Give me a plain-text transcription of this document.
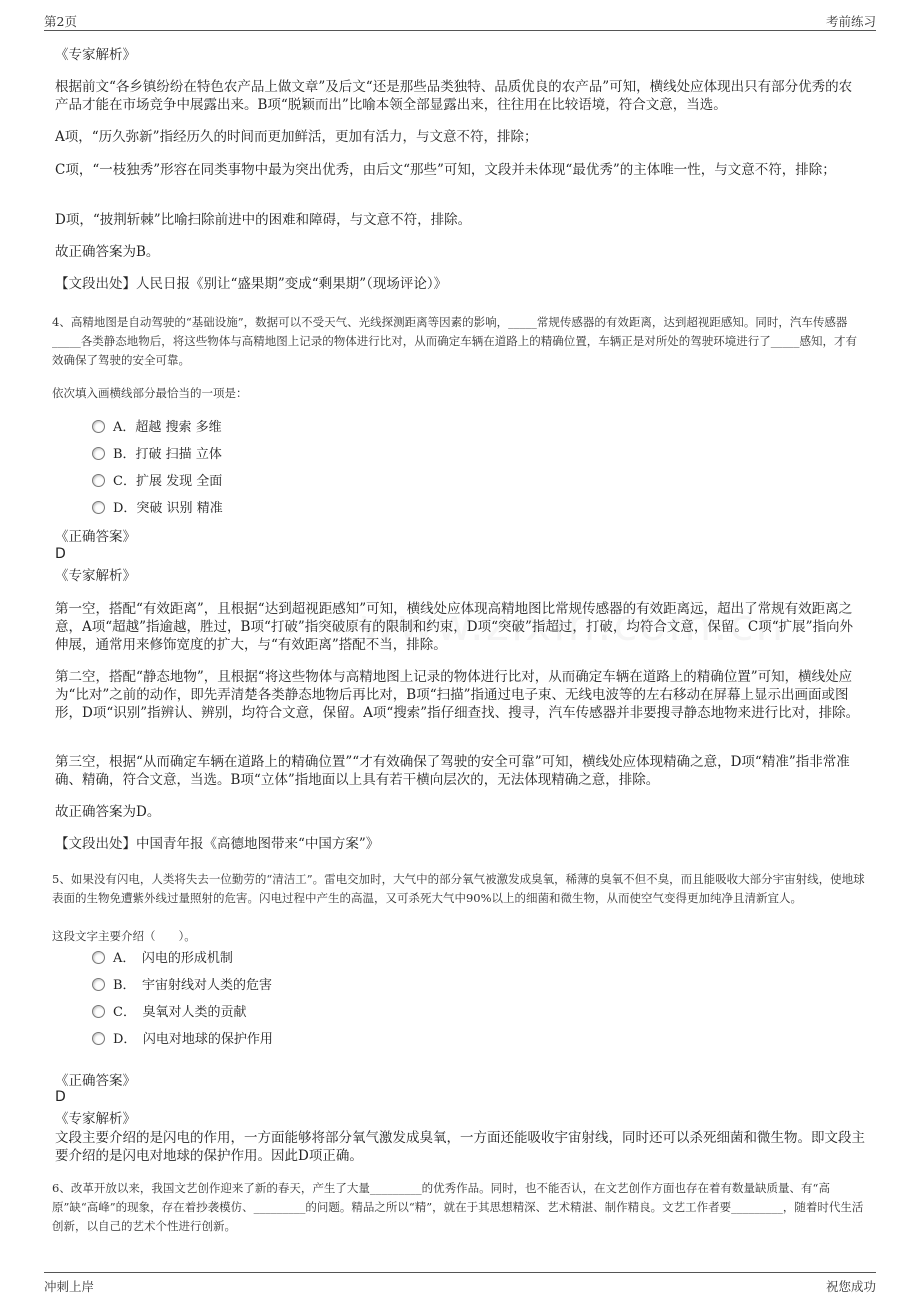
第2页	考前练习
《专家解析》
根据前文“各乡镇纷纷在特色农产品上做文章”及后文“还是那些品类独特、品质优良的农产品”可知，横线处应体现出只有部分优秀的农产品才能在市场竞争中展露出来。B项“脱颖而出”比喻本领全部显露出来，往往用在比较语境，符合文意，当选。
A项，“历久弥新”指经历久的时间而更加鲜活，更加有活力，与文意不符，排除；
C项，“一枝独秀”形容在同类事物中最为突出优秀，由后文“那些”可知，文段并未体现“最优秀”的主体唯一性，与文意不符，排除；
D项，“披荆斩棘”比喻扫除前进中的困难和障碍，与文意不符，排除。
故正确答案为B。
【文段出处】人民日报《别让“盛果期”变成“剩果期”（现场评论）》
4、高精地图是自动驾驶的“基础设施”，数据可以不受天气、光线探测距离等因素的影响，_____常规传感器的有效距离，达到超视距感知。同时，汽车传感器_____各类静态地物后，将这些物体与高精地图上记录的物体进行比对，从而确定车辆在道路上的精确位置，车辆正是对所处的驾驶环境进行了_____感知，才有效确保了驾驶的安全可靠。
依次填入画横线部分最恰当的一项是：
A．超越 搜索 多维
B．打破 扫描 立体
C．扩展 发现 全面
D．突破 识别 精准
《正确答案》
D
《专家解析》
第一空，搭配“有效距离”，且根据“达到超视距感知”可知，横线处应体现高精地图比常规传感器的有效距离远，超出了常规有效距离之意，A项“超越”指逾越，胜过，B项“打破”指突破原有的限制和约束，D项“突破”指超过，打破，均符合文意，保留。C项“扩展”指向外伸展，通常用来修饰宽度的扩大，与“有效距离”搭配不当，排除。
第二空，搭配“静态地物”，且根据“将这些物体与高精地图上记录的物体进行比对，从而确定车辆在道路上的精确位置”可知，横线处应为“比对”之前的动作，即先弄清楚各类静态地物后再比对，B项“扫描”指通过电子束、无线电波等的左右移动在屏幕上显示出画面或图形，D项“识别”指辨认、辨别，均符合文意，保留。A项“搜索”指仔细查找、搜寻，汽车传感器并非要搜寻静态地物来进行比对，排除。
第三空，根据“从而确定车辆在道路上的精确位置”“才有效确保了驾驶的安全可靠”可知，横线处应体现精确之意，D项“精准”指非常准确、精确，符合文意，当选。B项“立体”指地面以上具有若干横向层次的，无法体现精确之意，排除。
故正确答案为D。
【文段出处】中国青年报《高德地图带来“中国方案”》
5、如果没有闪电，人类将失去一位勤劳的“清洁工”。雷电交加时，大气中的部分氧气被激发成臭氧，稀薄的臭氧不但不臭，而且能吸收大部分宇宙射线，使地球表面的生物免遭紫外线过量照射的危害。闪电过程中产生的高温，又可杀死大气中90%以上的细菌和微生物，从而使空气变得更加纯净且清新宜人。
这段文字主要介绍（　　）。
A．　闪电的形成机制
B．　宇宙射线对人类的危害
C．　臭氧对人类的贡献
D．　闪电对地球的保护作用
《正确答案》
D
《专家解析》
文段主要介绍的是闪电的作用，一方面能够将部分氧气激发成臭氧，一方面还能吸收宇宙射线，同时还可以杀死细菌和微生物。即文段主要介绍的是闪电对地球的保护作用。因此D项正确。
6、改革开放以来，我国文艺创作迎来了新的春天，产生了大量_________的优秀作品。同时，也不能否认，在文艺创作方面也存在着有数量缺质量、有“高原”缺“高峰”的现象，存在着抄袭模仿、_________的问题。精品之所以“精”，就在于其思想精深、艺术精湛、制作精良。文艺工作者要_________，随着时代生活创新，以自己的艺术个性进行创新。
冲刺上岸	祝您成功
